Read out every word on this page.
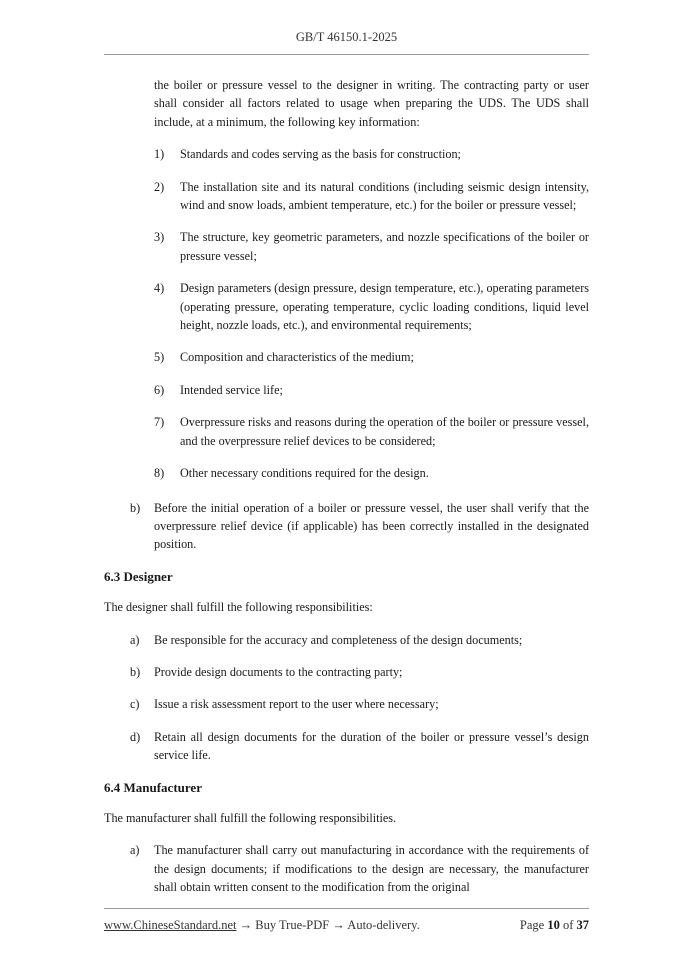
GB/T 46150.1-2025

the boiler or pressure vessel to the designer in writing. The contracting party or user shall consider all factors related to usage when preparing the UDS. The UDS shall include, at a minimum, the following key information:

1) Standards and codes serving as the basis for construction;
2) The installation site and its natural conditions (including seismic design intensity, wind and snow loads, ambient temperature, etc.) for the boiler or pressure vessel;
3) The structure, key geometric parameters, and nozzle specifications of the boiler or pressure vessel;
4) Design parameters (design pressure, design temperature, etc.), operating parameters (operating pressure, operating temperature, cyclic loading conditions, liquid level height, nozzle loads, etc.), and environmental requirements;
5) Composition and characteristics of the medium;
6) Intended service life;
7) Overpressure risks and reasons during the operation of the boiler or pressure vessel, and the overpressure relief devices to be considered;
8) Other necessary conditions required for the design.
b) Before the initial operation of a boiler or pressure vessel, the user shall verify that the overpressure relief device (if applicable) has been correctly installed in the designated position.
6.3 Designer

The designer shall fulfill the following responsibilities:

a) Be responsible for the accuracy and completeness of the design documents;
b) Provide design documents to the contracting party;
c) Issue a risk assessment report to the user where necessary;
d) Retain all design documents for the duration of the boiler or pressure vessel’s design service life.
6.4 Manufacturer

The manufacturer shall fulfill the following responsibilities.

a) The manufacturer shall carry out manufacturing in accordance with the requirements of the design documents; if modifications to the design are necessary, the manufacturer shall obtain written consent to the modification from the original
www.ChineseStandard.net → Buy True-PDF → Auto-delivery.	Page 10 of 37
